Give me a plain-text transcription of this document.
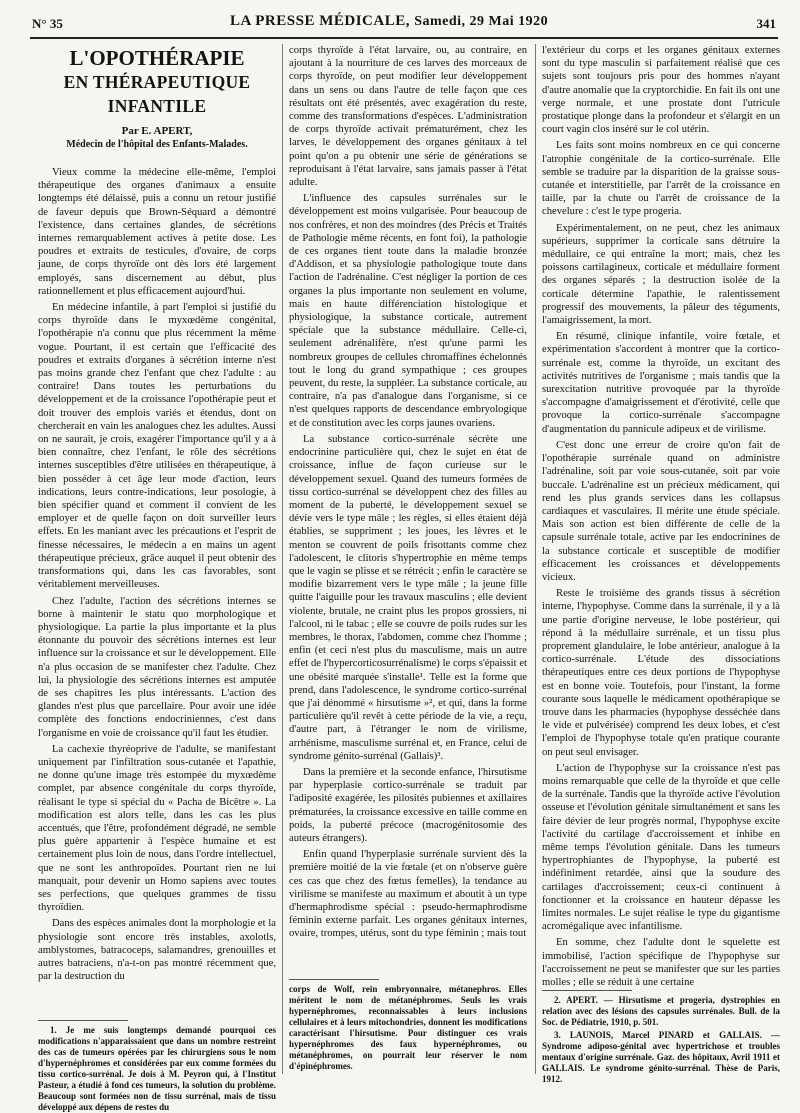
N° 35	LA PRESSE MÉDICALE, Samedi, 29 Mai 1920	341
L'OPOTHÉRAPIE
EN THÉRAPEUTIQUE INFANTILE
Par E. APERT,
Médecin de l'hôpital des Enfants-Malades.

Vieux comme la médecine elle-même, l'emploi thérapeutique des organes d'animaux a ensuite longtemps été délaissé, puis a connu un retour justifié de faveur depuis que Brown-Séquard a démontré l'existence, dans certaines glandes, de sécrétions internes remarquablement actives à petite dose. Les poudres et extraits de testicules, d'ovaire, de corps jaune, de corps thyroïde ont dès lors été largement employés, sans discernement au début, plus rationnellement et plus efficacement aujourd'hui.

En médecine infantile, à part l'emploi si justifié du corps thyroïde dans le myxœdème congénital, l'opothérapie n'a connu que plus récemment la même vogue. Pourtant, il est certain que l'efficacité des poudres et extraits d'organes à sécrétion interne n'est pas moins grande chez l'enfant que chez l'adulte : au contraire! Dans toutes les perturbations du développement et de la croissance l'opothérapie peut et doit trouver des emplois variés et étendus, dont on chercherait en vain les analogues chez les adultes. Aussi on ne saurait, je crois, exagérer l'importance qu'il y a à bien connaître, chez l'enfant, le rôle des sécrétions internes susceptibles d'être utilisées en thérapeutique, à bien posséder à cet âge leur mode d'action, leurs indications, leurs contre-indications, leur posologie, à bien spécifier quand et comment il convient de les employer et de quelle façon on doit surveiller leurs effets. En les maniant avec les précautions et l'esprit de finesse nécessaires, le médecin a en mains un agent thérapeutique précieux, grâce auquel il peut obtenir des transformations qui, dans les cas favorables, sont véritablement merveilleuses.

Chez l'adulte, l'action des sécrétions internes se borne à maintenir le statu quo morphologique et physiologique. La partie la plus importante et la plus étonnante du pouvoir des sécrétions internes est leur influence sur la croissance et sur le développement. Elle n'a plus occasion de se manifester chez l'adulte. Chez lui, la physiologie des sécrétions internes est amputée de ses chapitres les plus intéressants. L'action des glandes n'est plus que parcellaire. Pour avoir une idée complète des fonctions endocriniennes, c'est dans l'organisme en voie de croissance qu'il faut les étudier.

La cachexie thyréoprive de l'adulte, se manifestant uniquement par l'infiltration sous-cutanée et l'apathie, ne donne qu'une image très estompée du myxœdème complet, par absence congénitale du corps thyroïde, réalisant le type si spécial du « Pacha de Bicêtre ». La modification est alors telle, dans les cas les plus accentués, que l'être, profondément dégradé, ne semble plus guère appartenir à l'espèce humaine et est certainement plus loin de nous, dans l'ordre intellectuel, que ne sont les anthropoïdes. Pourtant rien ne lui manquait, pour devenir un Homo sapiens avec toutes ses perfections, que quelques grammes de tissu thyroïdien.

Dans des espèces animales dont la morphologie et la physiologie sont encore très instables, axolotls, amblystomes, batracoceps, salamandres, grenouilles et autres batraciens, n'a-t-on pas montré récemment que, par la destruction du

corps thyroïde à l'état larvaire, ou, au contraire, en ajoutant à la nourriture de ces larves des morceaux de corps thyroïde, on peut modifier leur développement dans un sens ou dans l'autre de telle façon que ces résultats ont été présentés, avec exagération du reste, comme des transformations d'espèces. L'administration de corps thyroïde activait prématurément, chez les larves, le développement des organes génitaux à tel point qu'on a pu obtenir une série de générations se reproduisant à l'état larvaire, sans jamais passer à l'état adulte.

L'influence des capsules surrénales sur le développement est moins vulgarisée. Pour beaucoup de nos confrères, et non des moindres (des Précis et Traités de Pathologie même récents, en font foi), la pathologie de ces organes tient toute dans la maladie bronzée d'Addison, et sa physiologie pathologique toute dans l'action de l'adrénaline. C'est négliger la portion de ces organes la plus importante non seulement en volume, mais en haute différenciation histologique et physiologique, la substance corticale, autrement spéciale que la substance médullaire. Celle-ci, seulement adrénalifère, n'est qu'une parmi les nombreux groupes de cellules chromaffines échelonnés tout le long du grand sympathique ; ces groupes peuvent, du reste, la suppléer. La substance corticale, au contraire, n'a pas d'analogue dans l'organisme, si ce n'est quelques rapports de descendance embryologique et de constitution avec les corps jaunes ovariens.

La substance cortico-surrénale sécrète une endocrinine particulière qui, chez le sujet en état de croissance, influe de façon curieuse sur le développement sexuel. Quand des tumeurs formées de tissu cortico-surrénal se développent chez des filles au moment de la puberté, le développement sexuel se dévie vers le type mâle ; les règles, si elles étaient déjà établies, se suppriment ; les joues, les lèvres et le menton se couvrent de poils frisottants comme chez l'adolescent, le clitoris s'hypertrophie en même temps que le vagin se plisse et se rétrécit ; enfin le caractère se modifie bizarrement vers le type mâle ; la jeune fille quitte l'aiguille pour les travaux masculins ; elle devient violente, brutale, ne craint plus les propos grossiers, ni l'alcool, ni le tabac ; elle se couvre de poils rudes sur les membres, le thorax, l'abdomen, comme chez l'homme ; enfin (et ceci n'est plus du masculisme, mais un autre effet de l'hypercorticosurrénalisme) le corps s'épaissit et une obésité marquée s'installe¹. Telle est la forme que prend, dans l'adolescence, le syndrome cortico-surrénal que j'ai dénommé « hirsutisme »², et qui, dans la forme particulière qu'il revêt à cette période de la vie, a reçu, d'autre part, à l'étranger le nom de virilisme, arrhénisme, masculisme surrénal et, en France, celui de syndrome génito-surrénal (Gallais)³.

Dans la première et la seconde enfance, l'hirsutisme par hyperplasie cortico-surrénale se traduit par l'adiposité exagérée, les pilosités pubiennes et axillaires prématurées, la croissance excessive en taille comme en poids, la puberté précoce (macrogénitosomie des auteurs étrangers).

Enfin quand l'hyperplasie surrénale survient dès la première moitié de la vie fœtale (et on n'observe guère ces cas que chez des fœtus femelles), la tendance au virilisme se manifeste au maximum et aboutit à un type d'hermaphrodisme spécial : pseudo-hermaphrodisme féminin externe parfait. Les organes génitaux internes, ovaire, trompes, utérus, sont du type féminin ; mais tout

l'extérieur du corps et les organes génitaux externes sont du type masculin si parfaitement réalisé que ces sujets sont toujours pris pour des hommes n'ayant d'autre anomalie que la cryptorchidie. En fait ils ont une verge normale, et une prostate dont l'utricule prostatique plonge dans la profondeur et s'élargit en un court vagin clos inséré sur le col utérin.

Les faits sont moins nombreux en ce qui concerne l'atrophie congénitale de la cortico-surrénale. Elle semble se traduire par la disparition de la graisse sous-cutanée et interstitielle, par l'arrêt de la croissance en taille, par la chute ou l'arrêt de croissance de la chevelure : c'est le type progeria.

Expérimentalement, on ne peut, chez les animaux supérieurs, supprimer la corticale sans détruire la médullaire, ce qui entraîne la mort; mais, chez les poissons cartilagineux, corticale et médullaire forment des organes séparés ; la destruction isolée de la corticale détermine l'apathie, le ralentissement progressif des mouvements, la pâleur des téguments, l'amaigrissement, la mort.

En résumé, clinique infantile, voire fœtale, et expérimentation s'accordent à montrer que la cortico-surrénale est, comme la thyroïde, un excitant des activités nutritives de l'organisme ; mais tandis que la surexcitation nutritive provoquée par la thyroïde s'accompagne d'amaigrissement et d'érotivité, celle que provoque la cortico-surrénale s'accompagne d'augmentation du pannicule adipeux et de virilisme.

C'est donc une erreur de croire qu'on fait de l'opothérapie surrénale quand on administre l'adrénaline, soit par voie sous-cutanée, soit par voie buccale. L'adrénaline est un précieux médicament, qui rend les plus grands services dans les collapsus cardiaques et vasculaires. Il mérite une étude spéciale. Mais son action est bien différente de celle de la capsule surrénale totale, active par les endocrinines de la substance corticale et susceptible de modifier efficacement les croissances et développements vicieux.

Reste le troisième des grands tissus à sécrétion interne, l'hypophyse. Comme dans la surrénale, il y a là une partie d'origine nerveuse, le lobe postérieur, qui répond à la médullaire surrénale, et un tissu plus proprement glandulaire, le lobe antérieur, analogue à la cortico-surrénale. L'étude des dissociations thérapeutiques entre ces deux portions de l'hypophyse est en bonne voie. Toutefois, pour l'instant, la forme courante sous laquelle le médicament opothérapique se trouve dans les pharmacies (hypophyse desséchée dans le vide et pulvérisée) comprend les deux lobes, et c'est l'emploi de l'hypophyse totale qu'en pratique courante on peut seul envisager.

L'action de l'hypophyse sur la croissance n'est pas moins remarquable que celle de la thyroïde et que celle de la surrénale. Tandis que la thyroïde active l'évolution osseuse et l'évolution génitale simultanément et sans les faire dévier de leur progrès normal, l'hypophyse excite l'activité du cartilage d'accroissement et inhibe en même temps l'évolution génitale. Dans les tumeurs hypertrophiantes de l'hypophyse, la puberté est indéfiniment retardée, ainsi que la soudure des cartilages d'accroissement; ceux-ci continuent à fonctionner et la croissance en hauteur dépasse les limites normales. Le sujet réalise le type du gigantisme acromégalique avec infantilisme.

En somme, chez l'adulte dont le squelette est immobilisé, l'action spécifique de l'hypophyse sur l'accroissement ne peut se manifester que sur les parties molles ; elle se réduit à une certaine

1. Je me suis longtemps demandé pourquoi ces modifications n'apparaissaient que dans un nombre restreint des cas de tumeurs opérées par les chirurgiens sous le nom d'hypernéphromes et considérées par eux comme formées du tissu cortico-surrénal. Je dois à M. Peyron qui, à l'Institut Pasteur, a étudié à fond ces tumeurs, la solution du problème. Beaucoup sont formées non de tissu surrénal, mais de tissu développé aux dépens de restes du

corps de Wolf, rein embryonnaire, métanephros. Elles méritent le nom de métanéphromes. Seuls les vrais hypernéphromes, reconnaissables à leurs inclusions cellulaires et à leurs mitochondries, donnent les modifications caractérisant l'hirsutisme. Pour distinguer ces vrais hypernéphromes des faux hypernéphromes, ou métanéphromes, on pourrait leur réserver le nom d'épinéphromes.

2. APERT. — Hirsutisme et progeria, dystrophies en relation avec des lésions des capsules surrénales. Bull. de la Soc. de Pédiatrie, 1910, p. 501.

3. LAUNOIS, Marcel PINARD et GALLAIS. — Syndrome adiposo-génital avec hypertrichose et troubles mentaux d'origine surrénale. Gaz. des hôpitaux, Avril 1911 et GALLAIS. Le syndrome génito-surrénal. Thèse de Paris, 1912.
